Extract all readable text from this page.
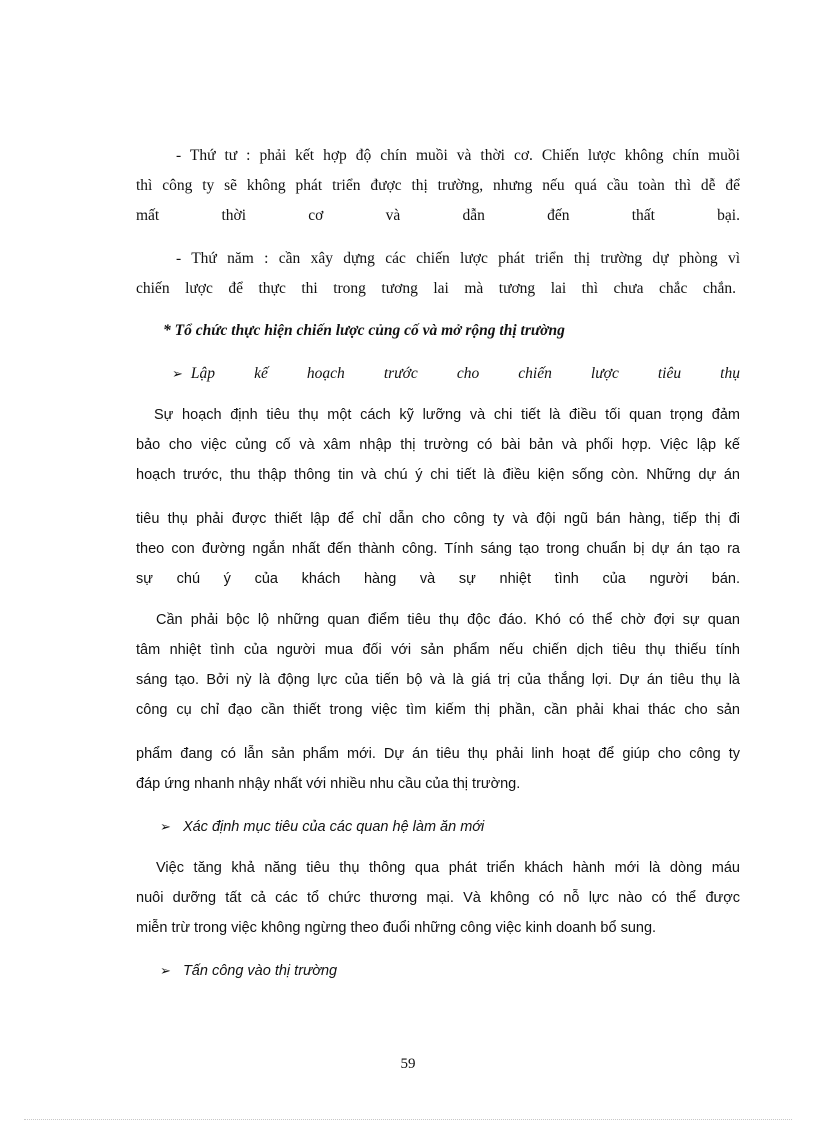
- Thứ tư : phải kết hợp độ chín muồi và thời cơ. Chiến lược không chín muồi
thì công ty sẽ không phát triển được thị trường, nhưng nếu quá cầu toàn thì dễ để
mất thời cơ và dẫn đến thất bại.
- Thứ năm : cần xây dựng các chiến lược phát triển thị trường dự phòng vì
chiến lược để thực thi trong tương lai mà tương lai thì chưa chắc chắn.
* Tổ chức thực hiện chiến lược củng cố và mở rộng thị trường
➢ Lập kế hoạch trước cho chiến lược tiêu thụ
Sự hoạch định tiêu thụ một cách kỹ lưỡng và chi tiết là điều tối quan trọng đảm
bảo cho việc củng cố và xâm nhập thị trường có bài bản và phối hợp. Việc lập kế
hoạch trước, thu thập thông tin và chú ý chi tiết là điều kiện sống còn. Những dự án
tiêu thụ phải được thiết lập để chỉ dẫn cho công ty và đội ngũ bán hàng, tiếp thị đi
theo con đường ngắn nhất đến thành công. Tính sáng tạo trong chuẩn bị dự án tạo ra
sự chú ý của khách hàng và sự nhiệt tình của người bán.
Cần phải bộc lộ những quan điểm tiêu thụ độc đáo. Khó có thể chờ đợi sự quan
tâm nhiệt tình của người mua đối với sản phẩm nếu chiến dịch tiêu thụ thiếu tính
sáng tạo. Bởi nỳ là động lực của tiến bộ và là giá trị của thắng lợi. Dự án tiêu thụ là
công cụ chỉ đạo cần thiết trong việc tìm kiếm thị phần, cần phải khai thác cho sản
phẩm đang có lẫn sản phẩm mới. Dự án tiêu thụ phải linh hoạt để giúp cho công ty
đáp ứng nhanh nhậy nhất với nhiều nhu cầu của thị trường.
➢ Xác định mục tiêu của các quan hệ làm ăn mới
Việc tăng khả năng tiêu thụ thông qua phát triển khách hành mới là dòng máu
nuôi dưỡng tất cả các tổ chức thương mại. Và không có nỗ lực nào có thể được
miễn trừ trong việc không ngừng theo đuổi những công việc kinh doanh bổ sung.
➢ Tấn công vào thị trường
59
